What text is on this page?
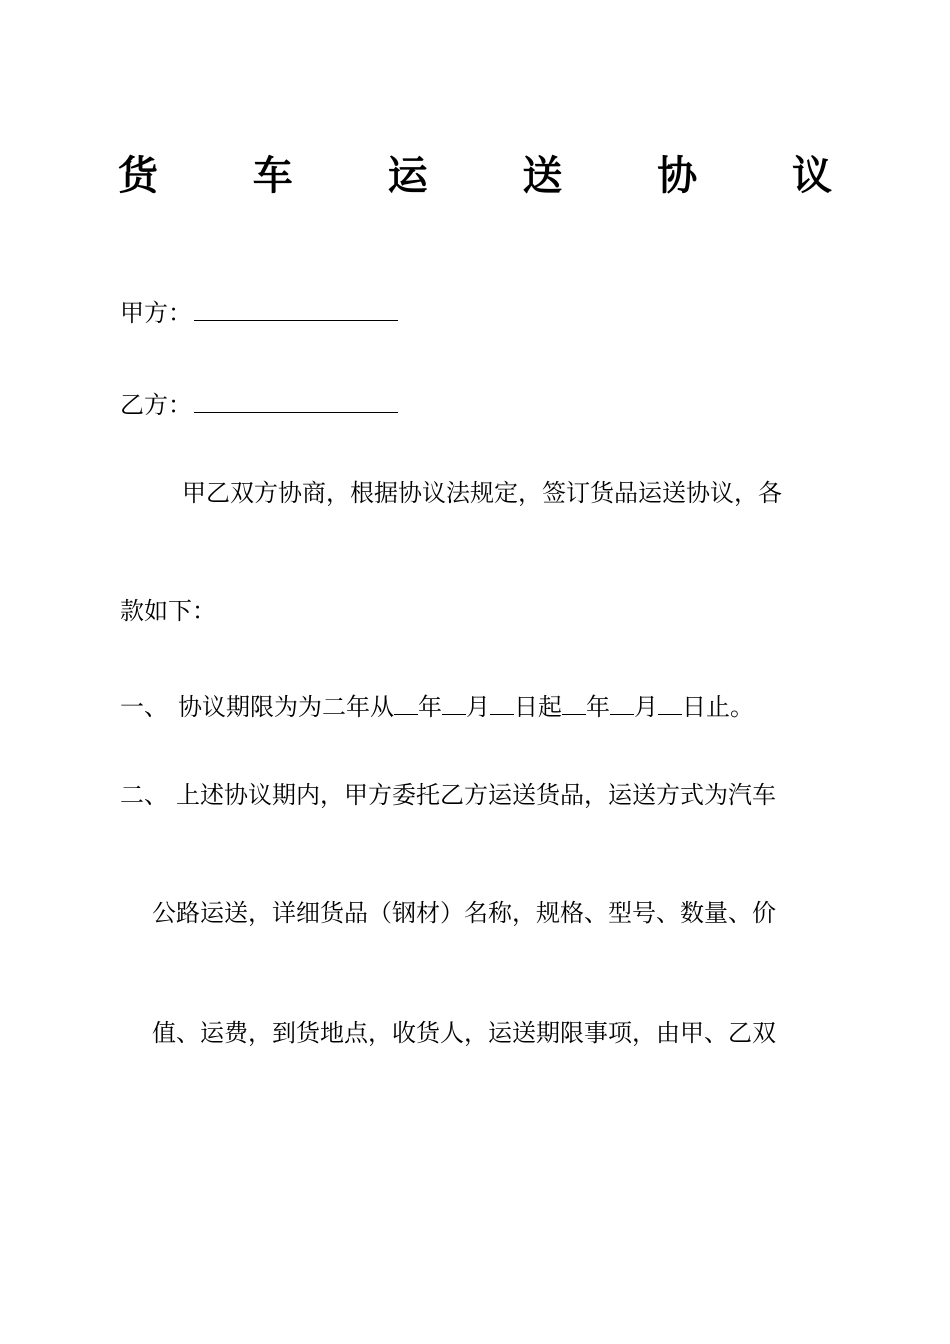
货 车 运 送 协 议
甲方：
乙方：
甲乙双方协商，根据协议法规定，签订货品运送协议，各
款如下：
一、 协议期限为为二年从 年 月 日起 年 月 日止。
二、 上述协议期内，甲方委托乙方运送货品，运送方式为汽车
公路运送，详细货品（钢材）名称，规格、型号、数量、价
值、运费，到货地点，收货人，运送期限事项，由甲、乙双
